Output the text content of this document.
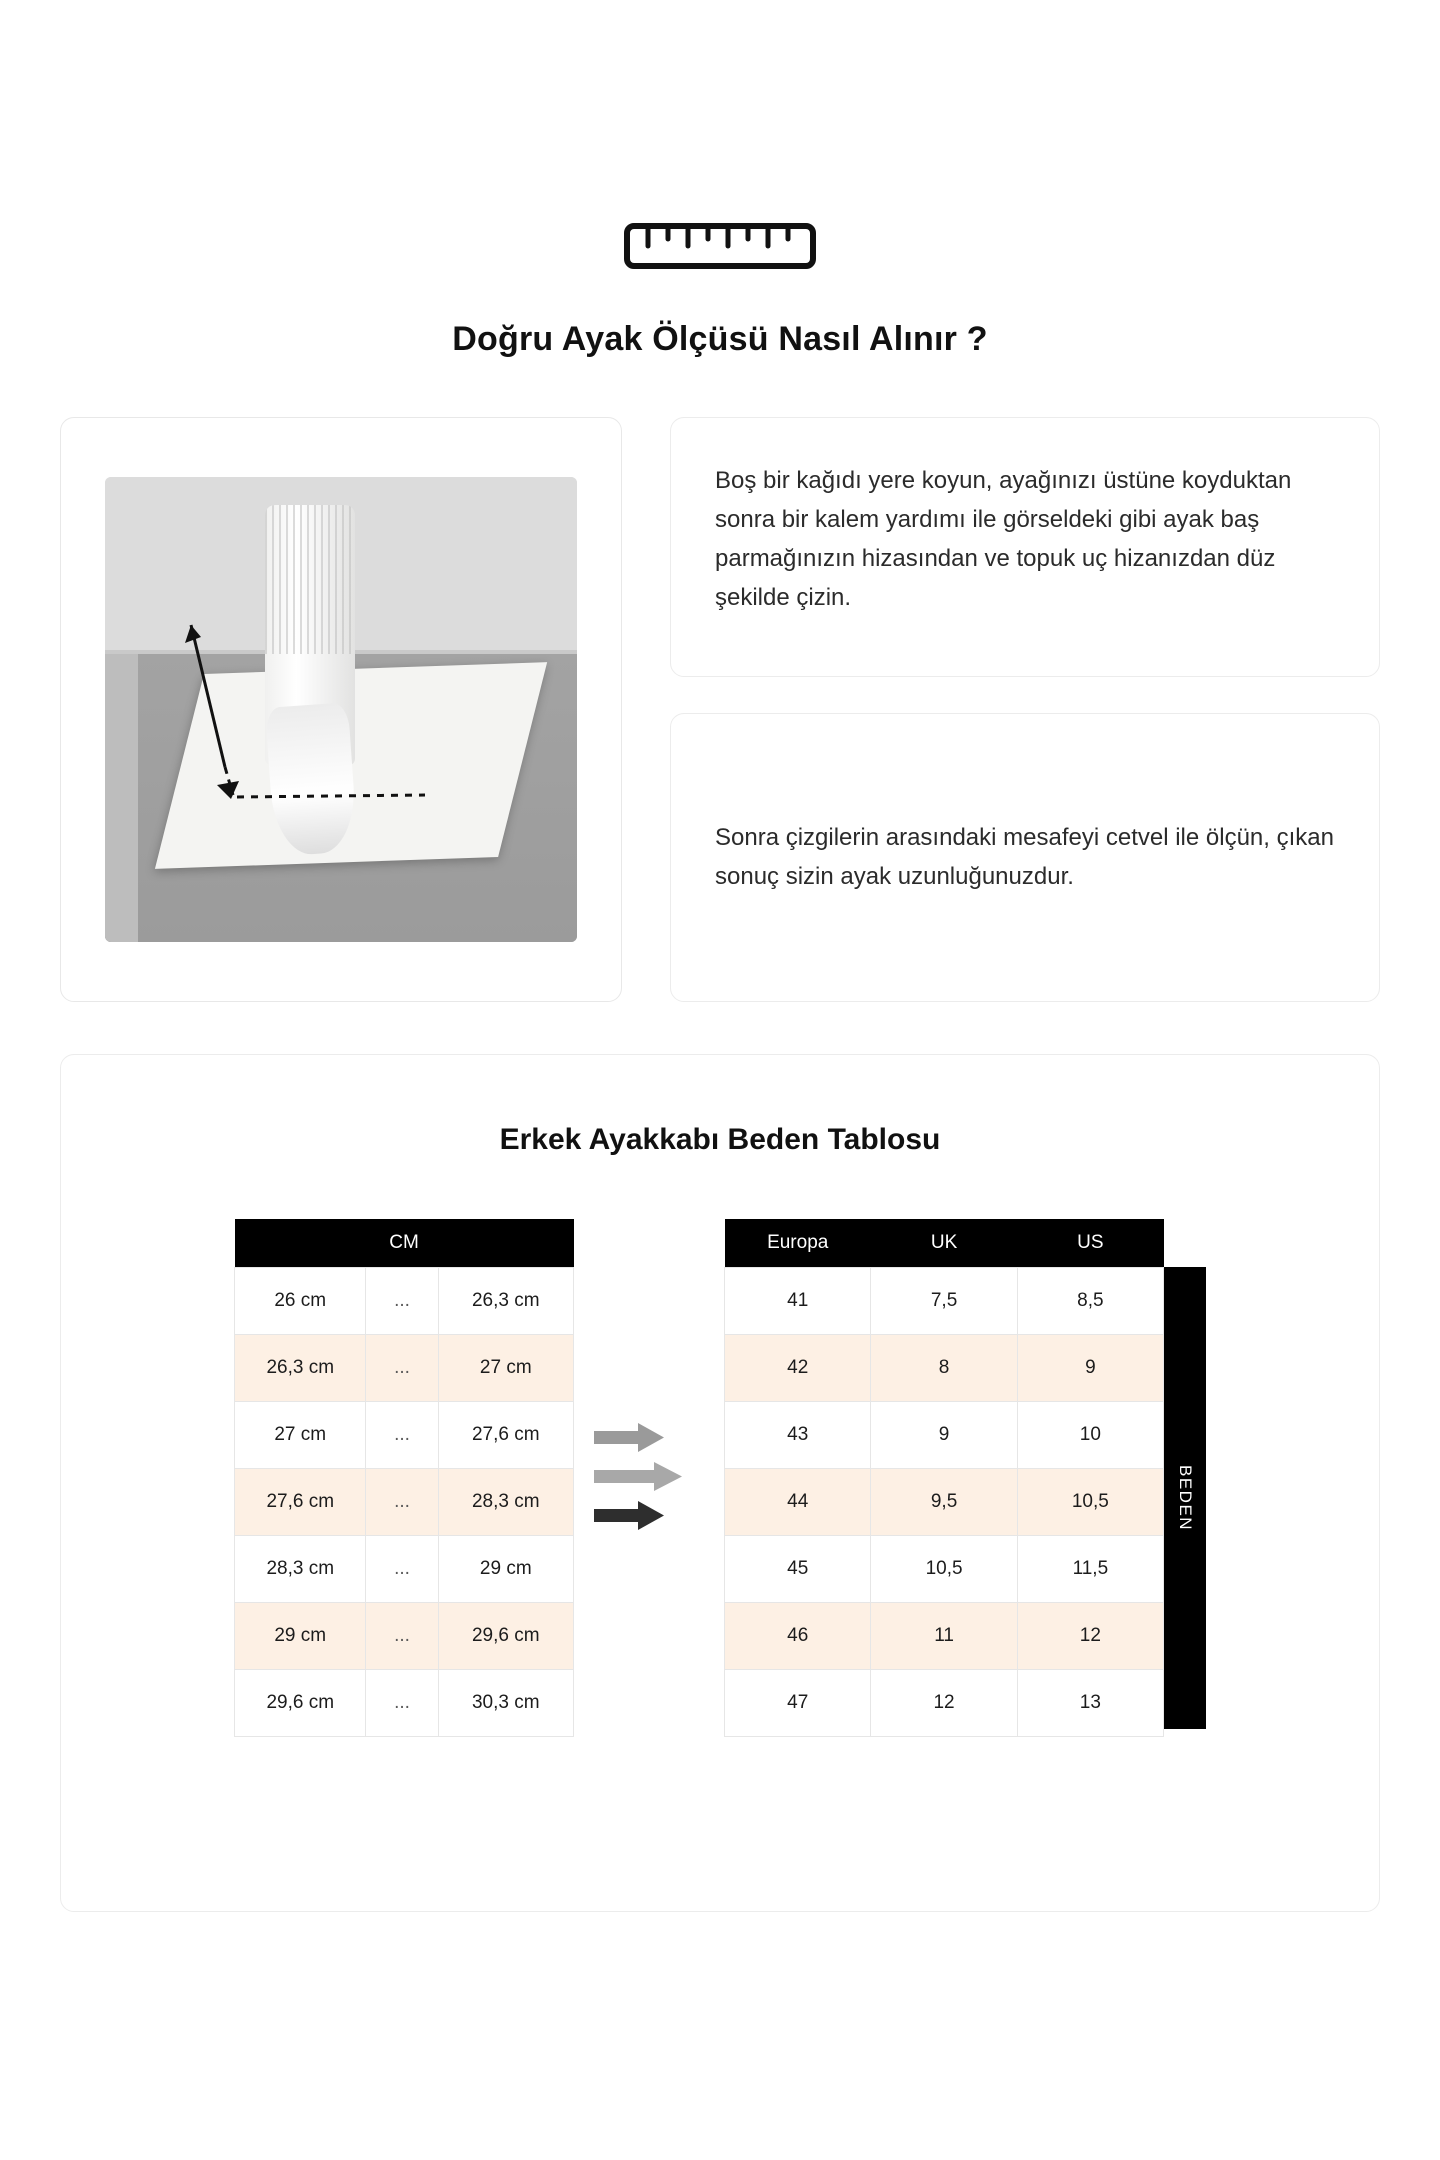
Doğru Ayak Ölçüsü Nasıl Alınır ?

Boş bir kağıdı yere koyun, ayağınızı üstüne koyduktan sonra bir kalem yardımı ile görseldeki gibi ayak baş parmağınızın hizasından ve topuk uç hizanızdan düz şekilde çizin.

Sonra çizgilerin arasındaki mesafeyi cetvel ile ölçün, çıkan sonuç sizin ayak uzunluğunuzdur.

Erkek Ayakkabı Beden Tablosu
CM		
26 cm	...	26,3 cm
26,3 cm	...	27 cm
27 cm	...	27,6 cm
27,6 cm	...	28,3 cm
28,3 cm	...	29 cm
29 cm	...	29,6 cm
29,6 cm	...	30,3 cm
Europa	UK	US
41	7,5	8,5
42	8	9
43	9	10
44	9,5	10,5
45	10,5	11,5
46	11	12
47	12	13
BEDEN
